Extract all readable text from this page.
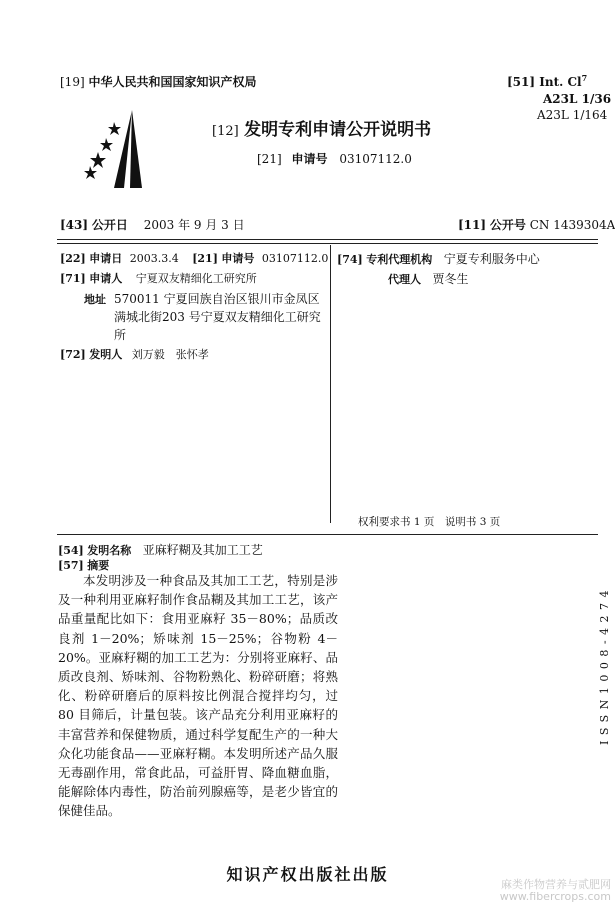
[19] 中华人民共和国国家知识产权局	[51] Int. Cl$^7$
A23L 1/36
A23L 1/164
[12] 发明专利申请公开说明书
[21] 申请号 03107112.0
[43] 公开日 2003 年 9 月 3 日	[11] 公开号 CN 1439304A
[22] 申请日 2003.3.4 [21] 申请号 03107112.0
[71] 申请人 宁夏双友精细化工研究所
地址 570011 宁夏回族自治区银川市金凤区
满城北街203 号宁夏双友精细化工研究
所
[72] 发明人 刘万毅　张怀孝
[74] 专利代理机构 宁夏专利服务中心
代理人 贾冬生
权利要求书 1 页　说明书 3 页
[54] 发明名称 亚麻籽糊及其加工工艺
[57] 摘要

本发明涉及一种食品及其加工工艺，特别是涉及一种利用亚麻籽制作食品糊及其加工工艺，该产品重量配比如下：食用亚麻籽 35－80%；品质改良剂 1－20%；矫味剂 15－25%；谷物粉 4－20%。亚麻籽糊的加工工艺为：分别将亚麻籽、品质改良剂、矫味剂、谷物粉熟化、粉碎研磨；将熟化、粉碎研磨后的原料按比例混合搅拌均匀，过 80 目筛后，计量包装。该产品充分利用亚麻籽的丰富营养和保健物质，通过科学复配生产的一种大众化功能食品——亚麻籽糊。本发明所述产品久服无毒副作用，常食此品，可益肝胃、降血糖血脂，能解除体内毒性，防治前列腺癌等，是老少皆宜的保健佳品。

ISSN1008-4274
知识产权出版社出版
麻类作物营养与贰肥网
www.fibercrops.com
